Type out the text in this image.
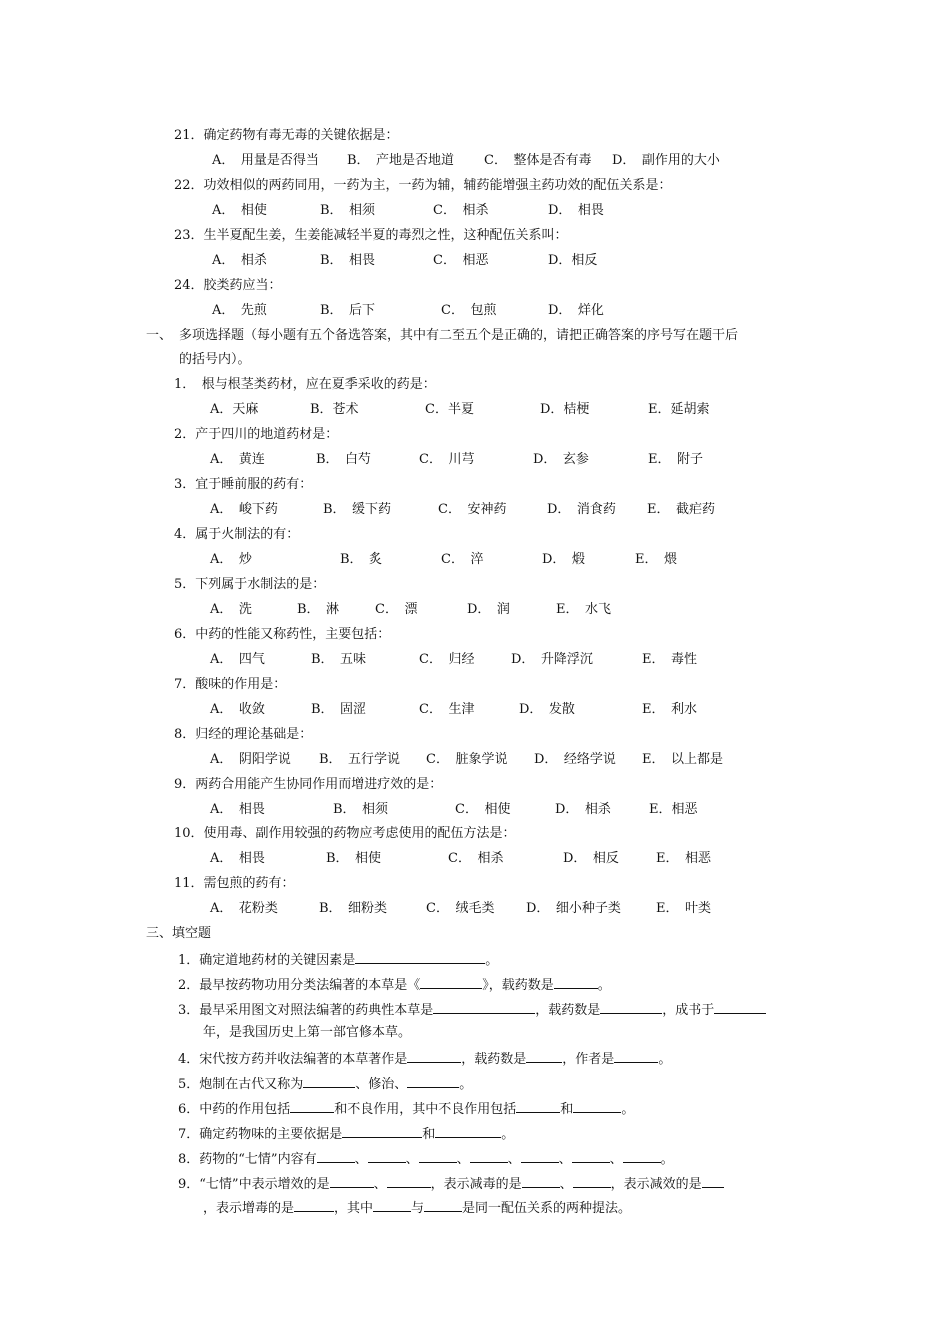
21．确定药物有毒无毒的关键依据是：
A．　用量是否得当 B．　产地是否地道 C．　整体是否有毒 D．　副作用的大小
22．功效相似的两药同用，一药为主，一药为辅，辅药能增强主药功效的配伍关系是：
A．　相使	B．　相须	C．　相杀	D．　相畏
23．生半夏配生姜，生姜能减轻半夏的毒烈之性，这种配伍关系叫：
A．　相杀	B．　相畏	C．　相恶	D．相反
24．胶类药应当：
A．　先煎	B．　后下	C．　包煎	D．　烊化
一、 多项选择题（每小题有五个备选答案，其中有二至五个是正确的，请把正确答案的序号写在题干后
的括号内）。
1．　根与根茎类药材，应在夏季采收的药是：
A．天麻	B．苍术	C．半夏	D．桔梗	E．延胡索
2．产于四川的地道药材是：
A．　黄连	B．　白芍	C．　川芎	D．　玄参	E．　附子
3．宜于睡前服的药有：
A．　峻下药	B．　缓下药	C．　安神药	D．　消食药 E．　截疟药
4．属于火制法的有：
A．　炒	B．　炙	C．　淬	D．　煅	E．　煨
5．下列属于水制法的是：
A．　洗	B．　淋	C．　漂	D．　润	E．　水飞
6．中药的性能又称药性，主要包括：
A．　四气	B．　五味	C．　归经	D．　升降浮沉	E．　毒性
7．酸味的作用是：
A．　收敛	B．　固涩	C．　生津	D．　发散	E．　利水
8．归经的理论基础是：
A．　阴阳学说 B．　五行学说 C．　脏象学说 D．　经络学说 E．　以上都是
9．两药合用能产生协同作用而增进疗效的是：
A．　相畏	B．　相须	C．　相使	D．　相杀	E．相恶
10．使用毒、副作用较强的药物应考虑使用的配伍方法是：
A．　相畏	B．　相使	C．　相杀	D．　相反	E．　相恶
11．需包煎的药有：
A．　花粉类	B．　细粉类	C．　绒毛类 D．　细小种子类	E．　叶类
三、填空题
1．确定道地药材的关键因素是	。
2．最早按药物功用分类法编著的本草是《	》，载药数是	。
3．最早采用图文对照法编著的药典性本草是	，载药数是	，成书于
年，是我国历史上第一部官修本草。
4．宋代按方药并收法编著的本草著作是	，载药数是	，作者是	。
5．炮制在古代又称为	、修治、	。
6．中药的作用包括	和不良作用，其中不良作用包括	和	。
7．确定药物味的主要依据是	和	。
8．药物的“七情”内容有	、	、	、	、	、	、	。
9．“七情”中表示增效的是	、	，表示减毒的是	、	，表示减效的是
，表示增毒的是	，其中	与	是同一配伍关系的两种提法。
